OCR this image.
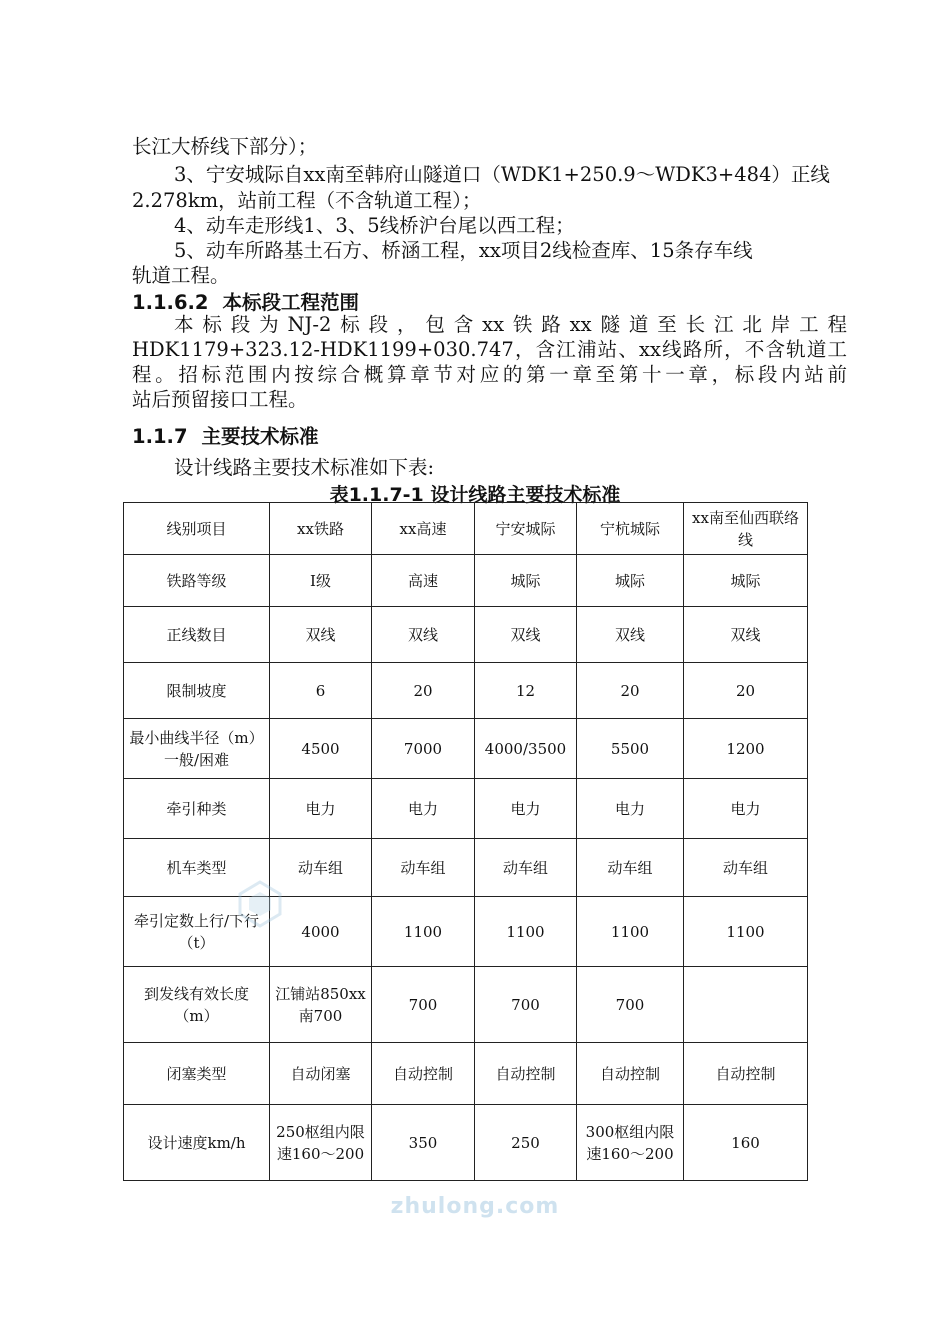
长江大桥线下部分）；
3、宁安城际自xx南至韩府山隧道口（WDK1+250.9～WDK3+484）正线
2.278km，站前工程（不含轨道工程）；
4、动车走形线1、3、5线桥沪台尾以西工程；
5、动车所路基土石方、桥涵工程，xx项目2线检查库、15条存车线
轨道工程。
1.1.6.2 本标段工程范围
本标段为NJ-2标段，包含xx铁路xx隧道至长江北岸工程
HDK1179+323.12-HDK1199+030.747，含江浦站、xx线路所，不含轨道工
程。招标范围内按综合概算章节对应的第一章至第十一章，标段内站前
站后预留接口工程。
1.1.7 主要技术标准
设计线路主要技术标准如下表:
表1.1.7-1 设计线路主要技术标准
线别项目	xx铁路	xx高速	宁安城际	宁杭城际	xx南至仙西联络线
铁路等级	Ⅰ级	高速	城际	城际	城际
正线数目	双线	双线	双线	双线	双线
限制坡度	6	20	12	20	20
最小曲线半径（m）一般/困难	4500	7000	4000/3500	5500	1200
牵引种类	电力	电力	电力	电力	电力
机车类型	动车组	动车组	动车组	动车组	动车组
牵引定数上行/下行（t）	4000	1100	1100	1100	1100
到发线有效长度（m）	江铺站850xx南700	700	700	700	
闭塞类型	自动闭塞	自动控制	自动控制	自动控制	自动控制
设计速度km/h	250枢组内限速160～200	350	250	300枢组内限速160～200	160
zhulong.com
